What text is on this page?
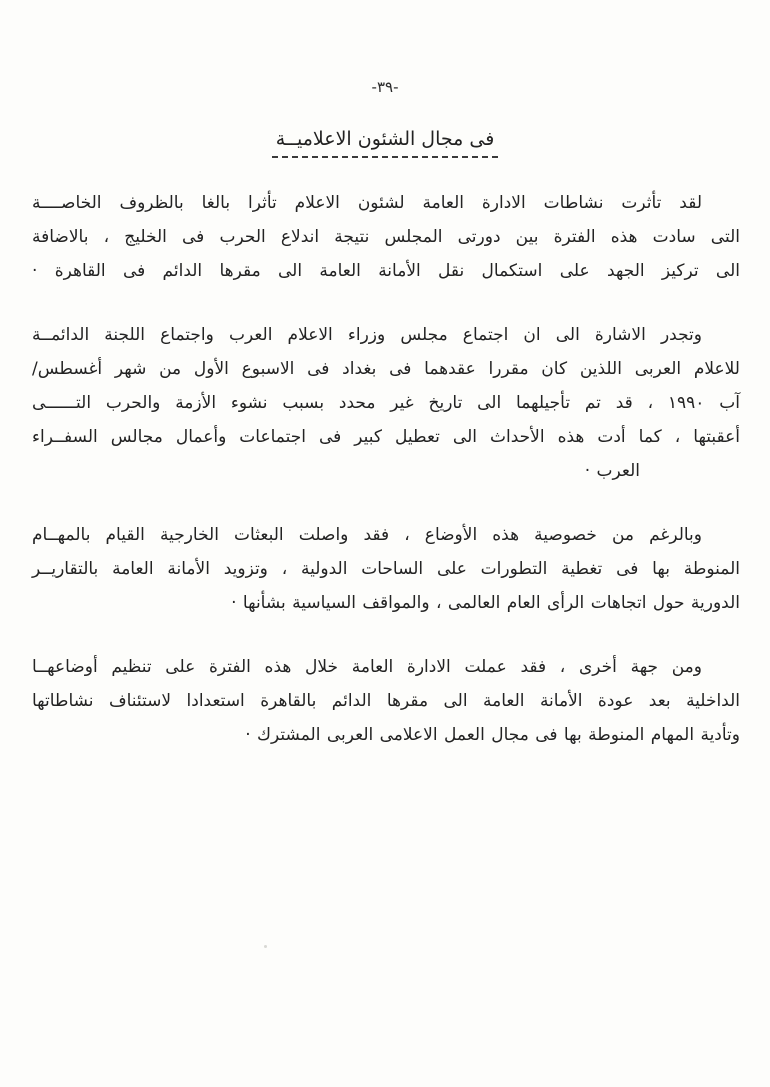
-٣٩-
فى مجال الشئون الاعلاميــة
لقد تأثرت نشاطات الادارة العامة لشئون الاعلام تأثرا بالغا بالظروف الخاصــــة
التى سادت هذه الفترة بين دورتى المجلس نتيجة اندلاع الحرب فى الخليج ، بالاضافة
الى تركيز الجهد على استكمال نقل الأمانة العامة الى مقرها الدائم فى القاهرة ·
وتجدر الاشارة الى ان اجتماع مجلس وزراء الاعلام العرب واجتماع اللجنة الدائمــة
للاعلام العربى اللذين كان مقررا عقدهما فى بغداد فى الاسبوع الأول من شهر أغسطس/
آب ١٩٩٠ ، قد تم تأجيلهما الى تاريخ غير محدد بسبب نشوء الأزمة والحرب التــــــى
أعقبتها ، كما أدت هذه الأحداث الى تعطيل كبير فى اجتماعات وأعمال مجالس السفــراء
العرب ·
وبالرغم من خصوصية هذه الأوضاع ، فقد واصلت البعثات الخارجية القيام بالمهــام
المنوطة بها فى تغطية التطورات على الساحات الدولية ، وتزويد الأمانة العامة بالتقاريــر
الدورية حول اتجاهات الرأى العام العالمى ، والمواقف السياسية بشأنها ·
ومن جهة أخرى ، فقد عملت الادارة العامة خلال هذه الفترة على تنظيم أوضاعهــا
الداخلية بعد عودة الأمانة العامة الى مقرها الدائم بالقاهرة استعدادا لاستئناف نشاطاتها
وتأدية المهام المنوطة بها فى مجال العمل الاعلامى العربى المشترك ·
